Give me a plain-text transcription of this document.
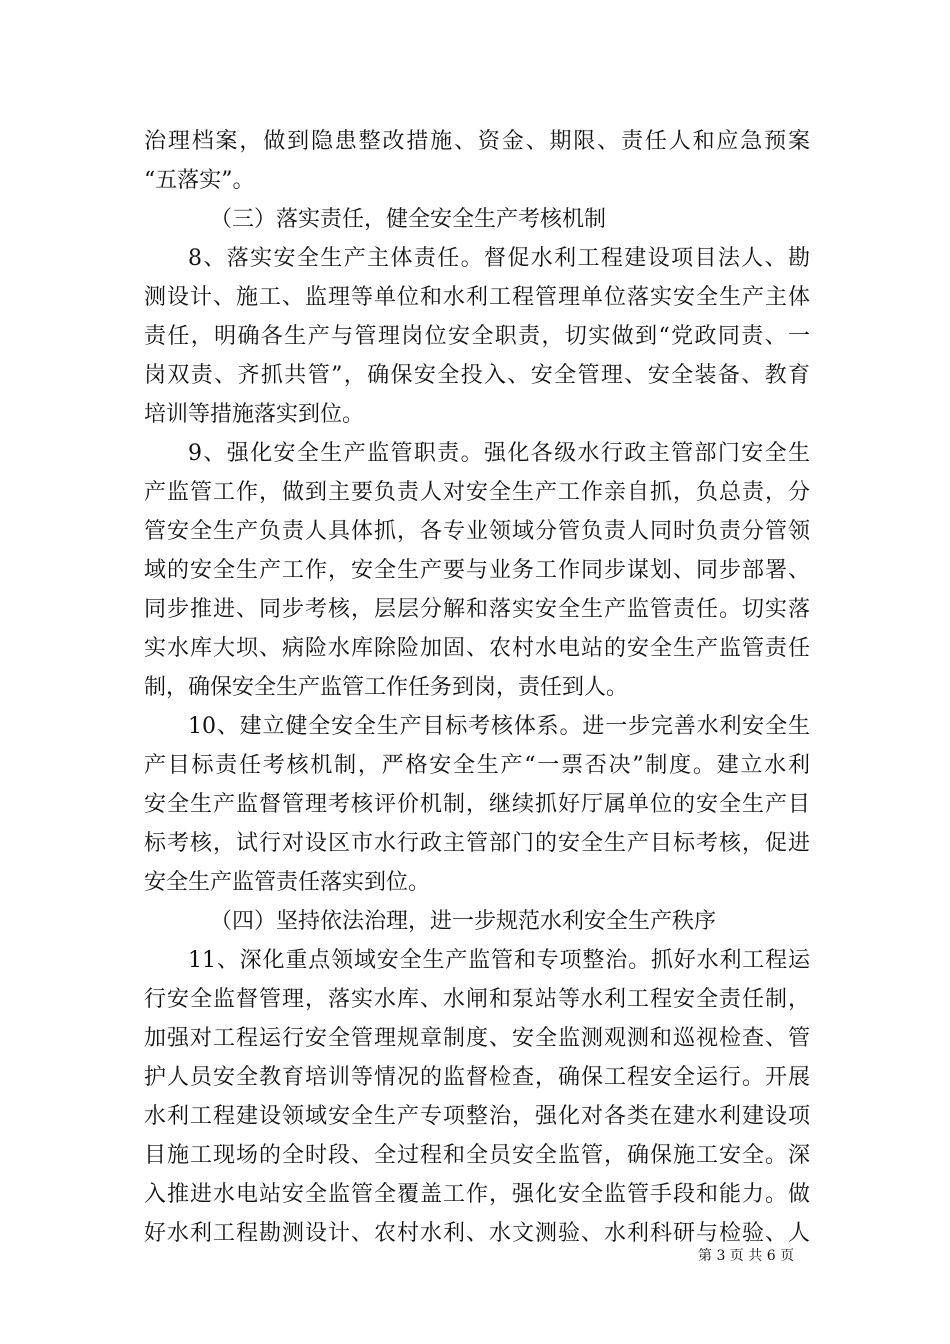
治理档案，做到隐患整改措施、资金、期限、责任人和应急预案
“五落实”。
（三）落实责任，健全安全生产考核机制
8、落实安全生产主体责任。督促水利工程建设项目法人、勘
测设计、施工、监理等单位和水利工程管理单位落实安全生产主体
责任，明确各生产与管理岗位安全职责，切实做到“党政同责、一
岗双责、齐抓共管”，确保安全投入、安全管理、安全装备、教育
培训等措施落实到位。
9、强化安全生产监管职责。强化各级水行政主管部门安全生
产监管工作，做到主要负责人对安全生产工作亲自抓，负总责，分
管安全生产负责人具体抓，各专业领域分管负责人同时负责分管领
域的安全生产工作，安全生产要与业务工作同步谋划、同步部署、
同步推进、同步考核，层层分解和落实安全生产监管责任。切实落
实水库大坝、病险水库除险加固、农村水电站的安全生产监管责任
制，确保安全生产监管工作任务到岗，责任到人。
10、建立健全安全生产目标考核体系。进一步完善水利安全生
产目标责任考核机制，严格安全生产“一票否决”制度。建立水利
安全生产监督管理考核评价机制，继续抓好厅属单位的安全生产目
标考核，试行对设区市水行政主管部门的安全生产目标考核，促进
安全生产监管责任落实到位。
（四）坚持依法治理，进一步规范水利安全生产秩序
11、深化重点领域安全生产监管和专项整治。抓好水利工程运
行安全监督管理，落实水库、水闸和泵站等水利工程安全责任制，
加强对工程运行安全管理规章制度、安全监测观测和巡视检查、管
护人员安全教育培训等情况的监督检查，确保工程安全运行。开展
水利工程建设领域安全生产专项整治，强化对各类在建水利建设项
目施工现场的全时段、全过程和全员安全监管，确保施工安全。深
入推进水电站安全监管全覆盖工作，强化安全监管手段和能力。做
好水利工程勘测设计、农村水利、水文测验、水利科研与检验、人
第 3 页 共 6 页
